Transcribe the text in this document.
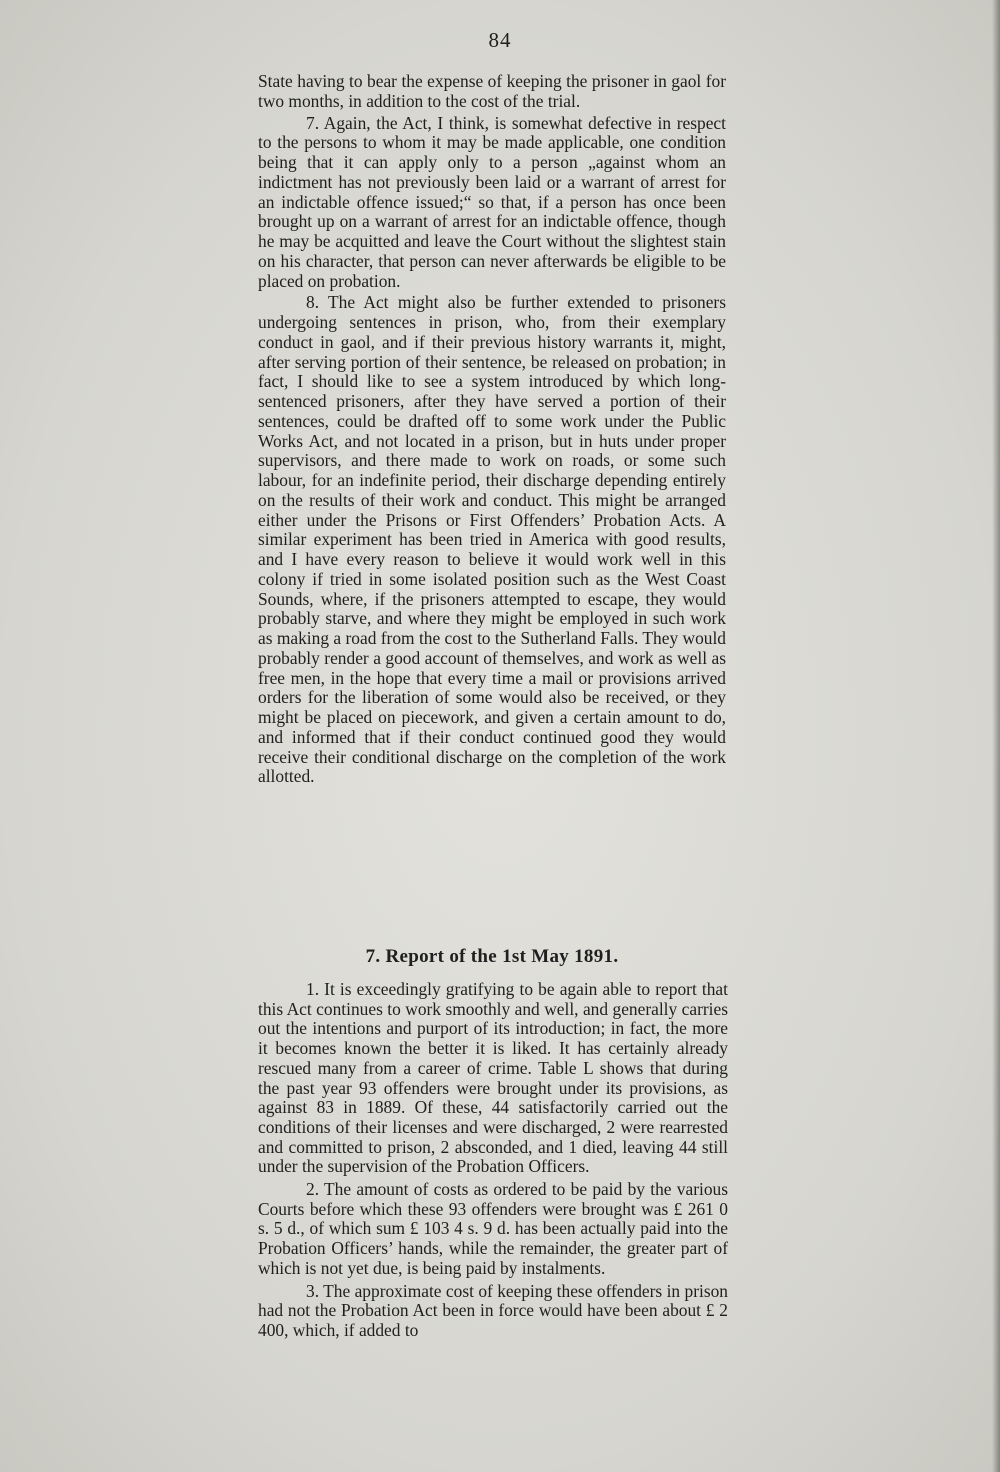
84

State having to bear the expense of keeping the prisoner in gaol for two months, in addition to the cost of the trial.

7. Again, the Act, I think, is somewhat defective in respect to the persons to whom it may be made applicable, one condition being that it can apply only to a person „against whom an indictment has not previously been laid or a warrant of arrest for an indictable offence issued;“ so that, if a person has once been brought up on a warrant of arrest for an indictable offence, though he may be acquitted and leave the Court without the slightest stain on his character, that person can never afterwards be eligible to be placed on probation.

8. The Act might also be further extended to prisoners undergoing sentences in prison, who, from their exemplary conduct in gaol, and if their previous history warrants it, might, after serving portion of their sentence, be released on probation; in fact, I should like to see a system introduced by which long-sentenced prisoners, after they have served a portion of their sentences, could be drafted off to some work under the Public Works Act, and not located in a prison, but in huts under proper supervisors, and there made to work on roads, or some such labour, for an indefinite period, their discharge depending entirely on the results of their work and conduct. This might be arranged either under the Prisons or First Offenders’ Probation Acts. A similar experiment has been tried in America with good results, and I have every reason to believe it would work well in this colony if tried in some isolated position such as the West Coast Sounds, where, if the prisoners attempted to escape, they would probably starve, and where they might be employed in such work as making a road from the cost to the Sutherland Falls. They would probably render a good account of themselves, and work as well as free men, in the hope that every time a mail or provisions arrived orders for the liberation of some would also be received, or they might be placed on piecework, and given a certain amount to do, and informed that if their conduct continued good they would receive their conditional discharge on the completion of the work allotted.

7. Report of the 1st May 1891.

1. It is exceedingly gratifying to be again able to report that this Act continues to work smoothly and well, and generally carries out the intentions and purport of its introduction; in fact, the more it becomes known the better it is liked. It has certainly already rescued many from a career of crime. Table L shows that during the past year 93 offenders were brought under its provisions, as against 83 in 1889. Of these, 44 satisfactorily carried out the conditions of their licenses and were discharged, 2 were rearrested and committed to prison, 2 absconded, and 1 died, leaving 44 still under the supervision of the Probation Officers.

2. The amount of costs as ordered to be paid by the various Courts before which these 93 offenders were brought was £ 261 0 s. 5 d., of which sum £ 103 4 s. 9 d. has been actually paid into the Probation Officers’ hands, while the remainder, the greater part of which is not yet due, is being paid by instalments.

3. The approximate cost of keeping these offenders in prison had not the Probation Act been in force would have been about £ 2 400, which, if added to
